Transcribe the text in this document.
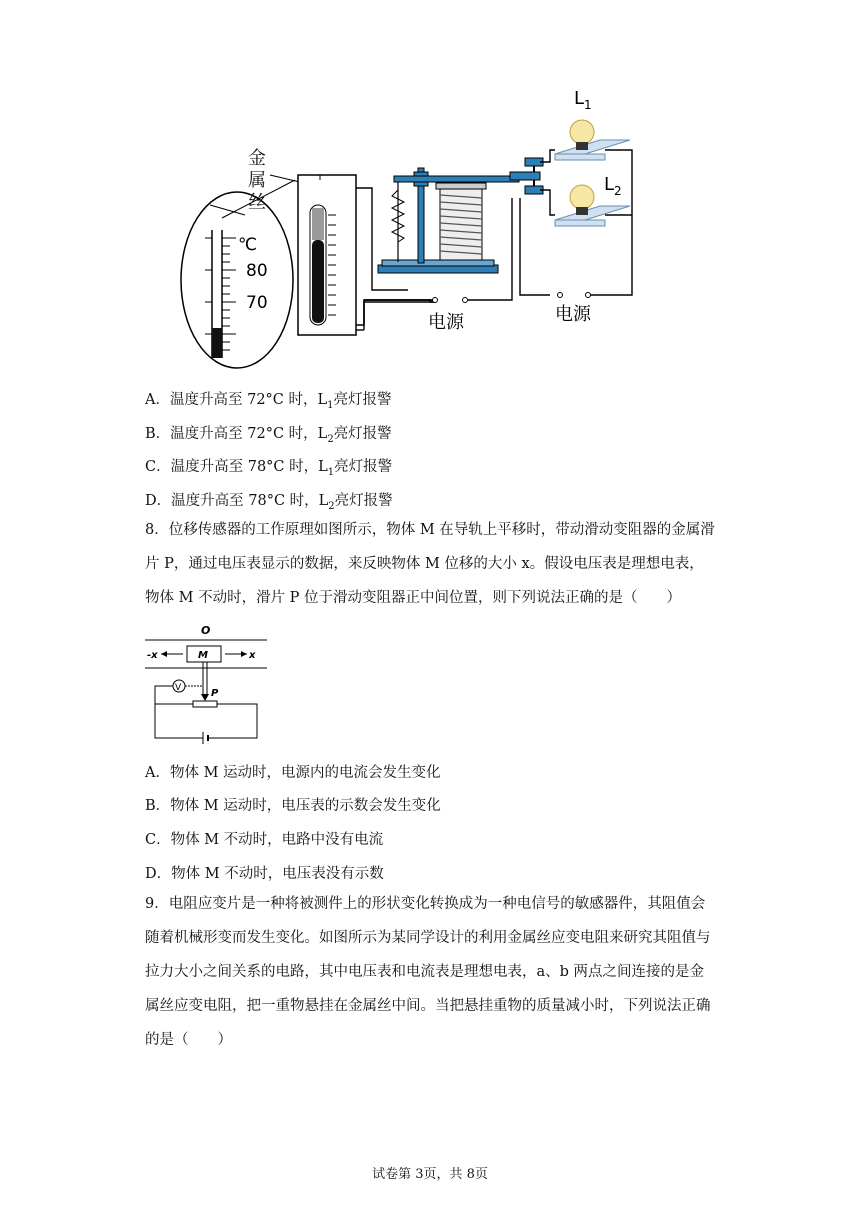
℃
80
70
$L_1$
$L_2$
电源	电源
金属丝
A．温度升高至 72°C 时，$L_1$亮灯报警
B．温度升高至 72°C 时，$L_2$亮灯报警
C．温度升高至 78°C 时，$L_1$亮灯报警
D．温度升高至 78°C 时，$L_2$亮灯报警
8．位移传感器的工作原理如图所示，物体 M 在导轨上平移时，带动滑动变阻器的金属滑片 P，通过电压表显示的数据，来反映物体 M 位移的大小 x。假设电压表是理想电表，物体 M 不动时，滑片 P 位于滑动变阻器正中间位置，则下列说法正确的是（　　）
O
M
-x	x
P
V
A．物体 M 运动时，电源内的电流会发生变化
B．物体 M 运动时，电压表的示数会发生变化
C．物体 M 不动时，电路中没有电流
D．物体 M 不动时，电压表没有示数
9．电阻应变片是一种将被测件上的形状变化转换成为一种电信号的敏感器件，其阻值会随着机械形变而发生变化。如图所示为某同学设计的利用金属丝应变电阻来研究其阻值与拉力大小之间关系的电路，其中电压表和电流表是理想电表，a、b 两点之间连接的是金属丝应变电阻，把一重物悬挂在金属丝中间。当把悬挂重物的质量减小时，下列说法正确的是（　　）
试卷第 3页，共 8页
